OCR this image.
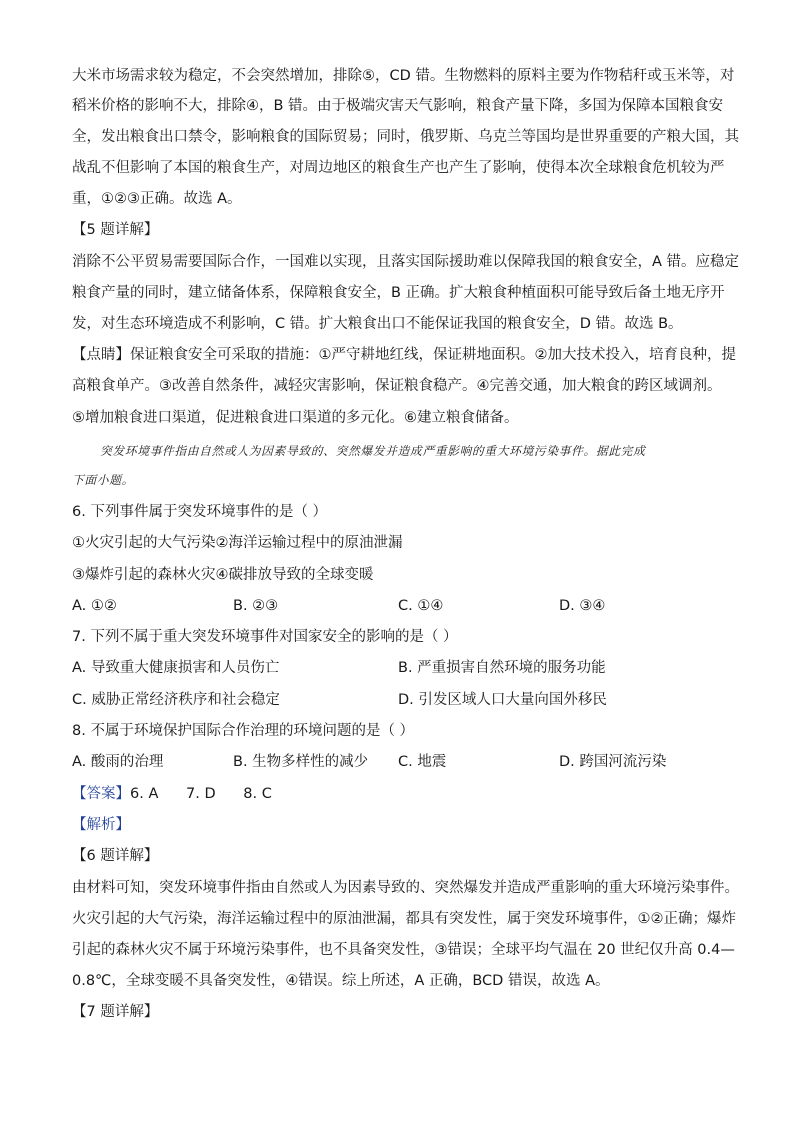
大米市场需求较为稳定，不会突然增加，排除⑤，CD 错。生物燃料的原料主要为作物秸秆或玉米等，对
稻米价格的影响不大，排除④，B 错。由于极端灾害天气影响，粮食产量下降，多国为保障本国粮食安
全，发出粮食出口禁令，影响粮食的国际贸易；同时，俄罗斯、乌克兰等国均是世界重要的产粮大国，其
战乱不但影响了本国的粮食生产，对周边地区的粮食生产也产生了影响，使得本次全球粮食危机较为严
重，①②③正确。故选 A。
【5 题详解】
消除不公平贸易需要国际合作，一国难以实现，且落实国际援助难以保障我国的粮食安全，A 错。应稳定
粮食产量的同时，建立储备体系，保障粮食安全，B 正确。扩大粮食种植面积可能导致后备土地无序开
发，对生态环境造成不利影响，C 错。扩大粮食出口不能保证我国的粮食安全，D 错。故选 B。
【点睛】保证粮食安全可采取的措施：①严守耕地红线，保证耕地面积。②加大技术投入，培育良种，提
高粮食单产。③改善自然条件，减轻灾害影响，保证粮食稳产。④完善交通，加大粮食的跨区域调剂。
⑤增加粮食进口渠道，促进粮食进口渠道的多元化。⑥建立粮食储备。
突发环境事件指由自然或人为因素导致的、突然爆发并造成严重影响的重大环境污染事件。据此完成
下面小题。
6. 下列事件属于突发环境事件的是（ ）
①火灾引起的大气污染②海洋运输过程中的原油泄漏
③爆炸引起的森林火灾④碳排放导致的全球变暖
A. ①②	B. ②③	C. ①④	D. ③④
7. 下列不属于重大突发环境事件对国家安全的影响的是（ ）
A. 导致重大健康损害和人员伤亡	B. 严重损害自然环境的服务功能
C. 威胁正常经济秩序和社会稳定	D. 引发区域人口大量向国外移民
8. 不属于环境保护国际合作治理的环境问题的是（ ）
A. 酸雨的治理	B. 生物多样性的减少 C. 地震	D. 跨国河流污染
【答案】6. A      7. D      8. C
【解析】
【6 题详解】
由材料可知，突发环境事件指由自然或人为因素导致的、突然爆发并造成严重影响的重大环境污染事件。
火灾引起的大气污染，海洋运输过程中的原油泄漏，都具有突发性，属于突发环境事件，①②正确；爆炸
引起的森林火灾不属于环境污染事件，也不具备突发性，③错误；全球平均气温在 20 世纪仅升高 0.4—
0.8℃，全球变暖不具备突发性，④错误。综上所述，A 正确，BCD 错误，故选 A。
【7 题详解】
